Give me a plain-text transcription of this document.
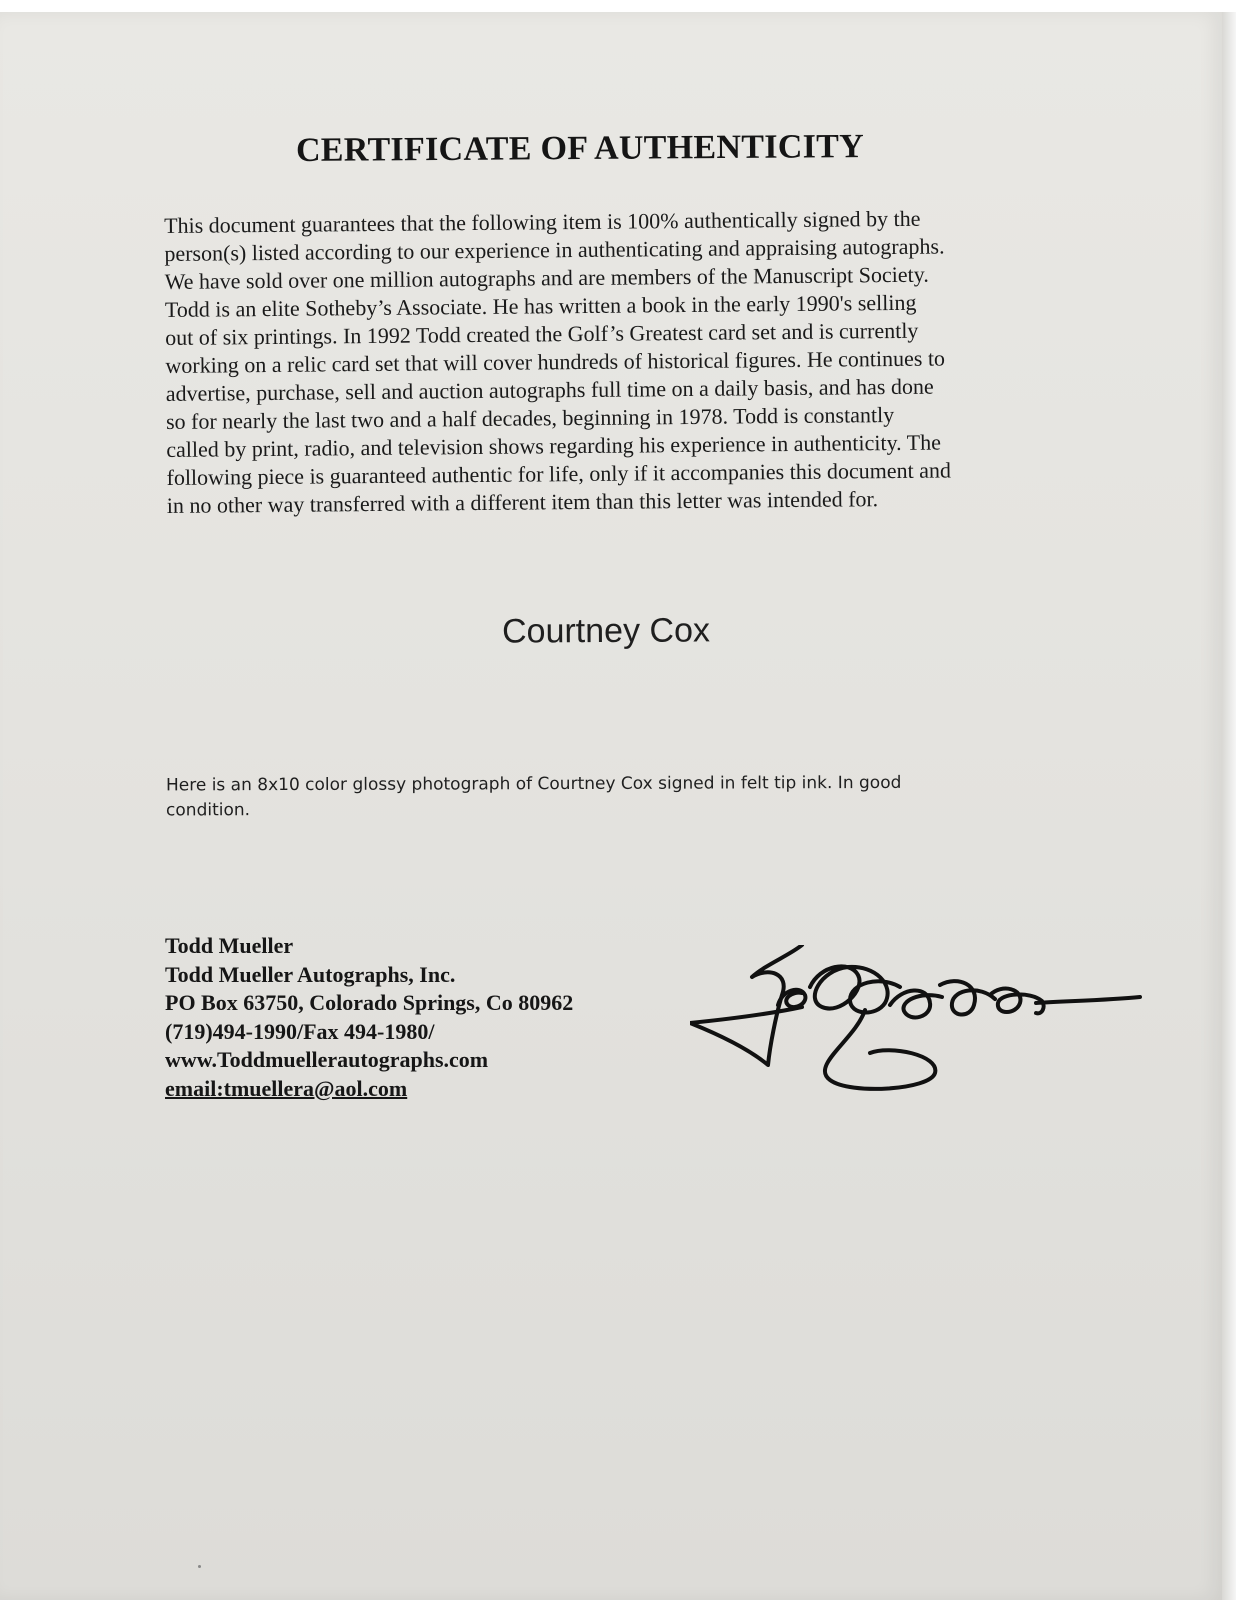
CERTIFICATE OF AUTHENTICITY
This document guarantees that the following item is 100% authentically signed by the
person(s) listed according to our experience in authenticating and appraising autographs.
We have sold over one million autographs and are members of the Manuscript Society.
Todd is an elite Sotheby’s Associate. He has written a book in the early 1990's selling
out of six printings. In 1992 Todd created the Golf’s Greatest card set and is currently
working on a relic card set that will cover hundreds of historical figures. He continues to
advertise, purchase, sell and auction autographs full time on a daily basis, and has done
so for nearly the last two and a half decades, beginning in 1978. Todd is constantly
called by print, radio, and television shows regarding his experience in authenticity. The
following piece is guaranteed authentic for life, only if it accompanies this document and
in no other way transferred with a different item than this letter was intended for.
Courtney Cox
Here is an 8x10 color glossy photograph of Courtney Cox signed in felt tip ink. In good condition.
Todd Mueller
Todd Mueller Autographs, Inc.
PO Box 63750, Colorado Springs, Co 80962
(719)494-1990/Fax 494-1980/
www.Toddmuellerautographs.com
email:tmuellera@aol.com
